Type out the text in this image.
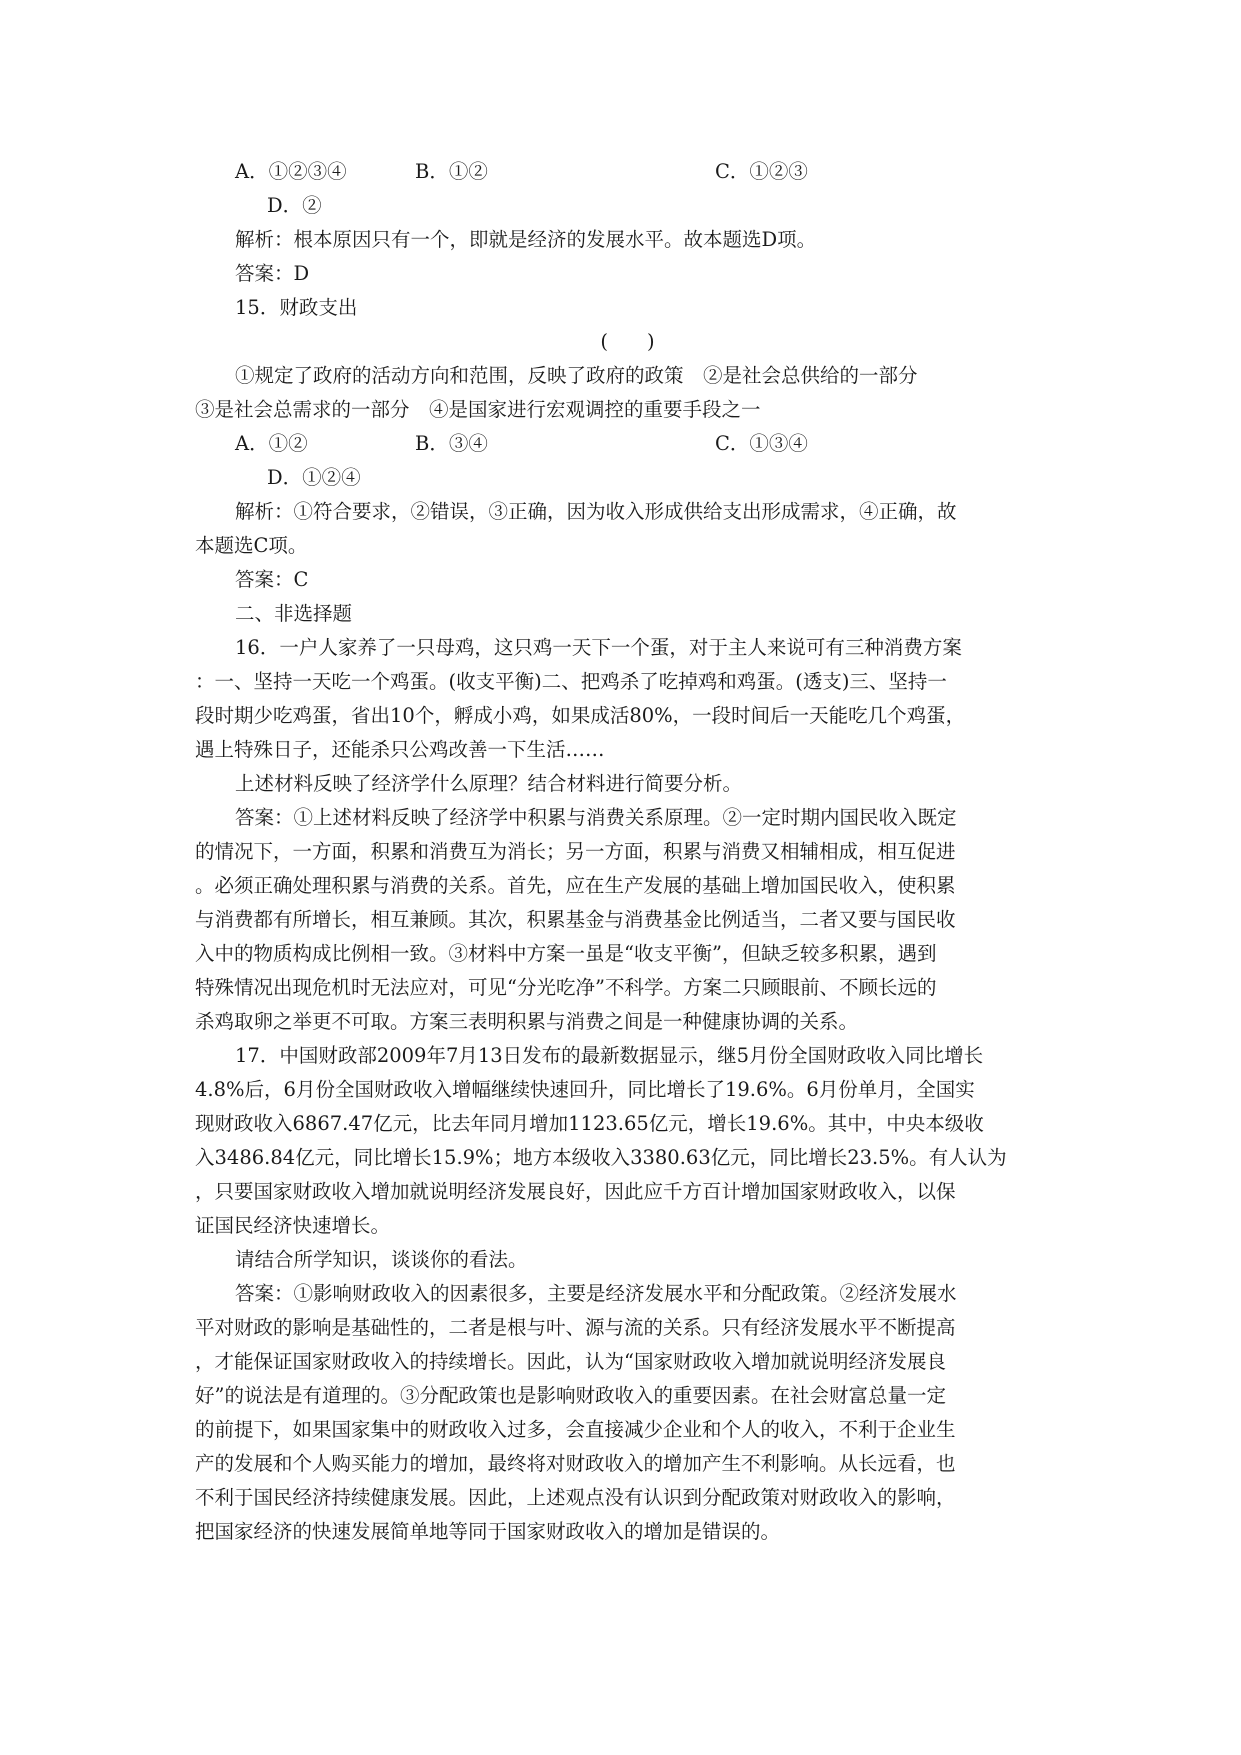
A．①②③④	B．①②	C．①②③
D．②
解析：根本原因只有一个，即就是经济的发展水平。故本题选D项。
答案：D
15．财政支出
(　　)
①规定了政府的活动方向和范围，反映了政府的政策　②是社会总供给的一部分
③是社会总需求的一部分　④是国家进行宏观调控的重要手段之一
A．①②	B．③④	C．①③④
D．①②④
解析：①符合要求，②错误，③正确，因为收入形成供给支出形成需求，④正确，故
本题选C项。
答案：C
二、非选择题
16．一户人家养了一只母鸡，这只鸡一天下一个蛋，对于主人来说可有三种消费方案
：一、坚持一天吃一个鸡蛋。(收支平衡)二、把鸡杀了吃掉鸡和鸡蛋。(透支)三、坚持一
段时期少吃鸡蛋，省出10个，孵成小鸡，如果成活80%，一段时间后一天能吃几个鸡蛋，
遇上特殊日子，还能杀只公鸡改善一下生活……
上述材料反映了经济学什么原理？结合材料进行简要分析。
答案：①上述材料反映了经济学中积累与消费关系原理。②一定时期内国民收入既定
的情况下，一方面，积累和消费互为消长；另一方面，积累与消费又相辅相成，相互促进
。必须正确处理积累与消费的关系。首先，应在生产发展的基础上增加国民收入，使积累
与消费都有所增长，相互兼顾。其次，积累基金与消费基金比例适当，二者又要与国民收
入中的物质构成比例相一致。③材料中方案一虽是“收支平衡”，但缺乏较多积累，遇到
特殊情况出现危机时无法应对，可见“分光吃净”不科学。方案二只顾眼前、不顾长远的
杀鸡取卵之举更不可取。方案三表明积累与消费之间是一种健康协调的关系。
17．中国财政部2009年7月13日发布的最新数据显示，继5月份全国财政收入同比增长
4.8%后，6月份全国财政收入增幅继续快速回升，同比增长了19.6%。6月份单月，全国实
现财政收入6867.47亿元，比去年同月增加1123.65亿元，增长19.6%。其中，中央本级收
入3486.84亿元，同比增长15.9%；地方本级收入3380.63亿元，同比增长23.5%。有人认为
，只要国家财政收入增加就说明经济发展良好，因此应千方百计增加国家财政收入，以保
证国民经济快速增长。
请结合所学知识，谈谈你的看法。
答案：①影响财政收入的因素很多，主要是经济发展水平和分配政策。②经济发展水
平对财政的影响是基础性的，二者是根与叶、源与流的关系。只有经济发展水平不断提高
，才能保证国家财政收入的持续增长。因此，认为“国家财政收入增加就说明经济发展良
好”的说法是有道理的。③分配政策也是影响财政收入的重要因素。在社会财富总量一定
的前提下，如果国家集中的财政收入过多，会直接减少企业和个人的收入，不利于企业生
产的发展和个人购买能力的增加，最终将对财政收入的增加产生不利影响。从长远看，也
不利于国民经济持续健康发展。因此，上述观点没有认识到分配政策对财政收入的影响，
把国家经济的快速发展简单地等同于国家财政收入的增加是错误的。
